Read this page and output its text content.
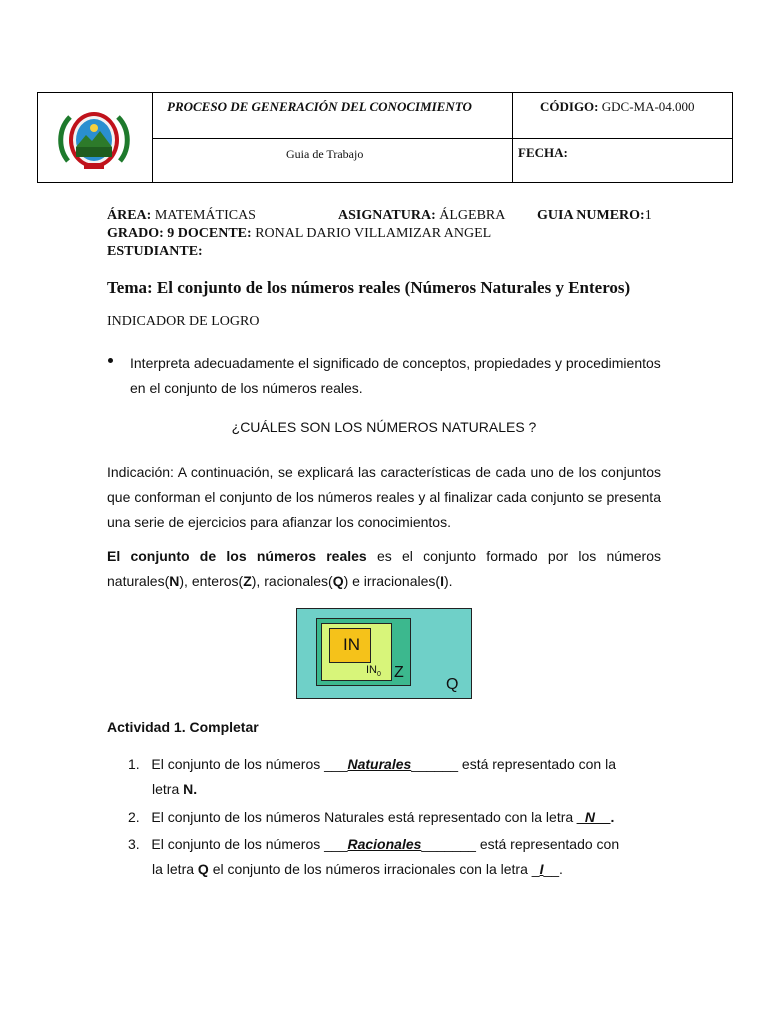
PROCESO DE GENERACIÓN DEL CONOCIMIENTO	CÓDIGO: GDC-MA-04.000
Guia de Trabajo	FECHA:
ÁREA: MATEMÁTICAS	ASIGNATURA: ÁLGEBRA GUIA NUMERO:1
GRADO: 9 DOCENTE: RONAL DARIO VILLAMIZAR ANGEL
ESTUDIANTE:
Tema: El conjunto de los números reales (Números Naturales y Enteros)
INDICADOR DE LOGRO
Interpreta adecuadamente el significado de conceptos, propiedades y procedimientos
en el conjunto de los números reales.
¿CUÁLES SON LOS NÚMEROS NATURALES ?
Indicación: A continuación, se explicará las características de cada uno de los conjuntos
que conforman el conjunto de los números reales y al finalizar cada conjunto se presenta
una serie de ejercicios para afianzar los conocimientos.
El conjunto de los números reales es el conjunto formado por los números
naturales(N), enteros(Z), racionales(Q) e irracionales(I).
IN
$IN_0$ Z
Q
Actividad 1. Completar
1. El conjunto de los números ___Naturales______ está representado con la
letra N.
2. El conjunto de los números Naturales está representado con la letra _N__.
3. El conjunto de los números ___Racionales_______ está representado con
la letra Q el conjunto de los números irracionales con la letra _I__.
